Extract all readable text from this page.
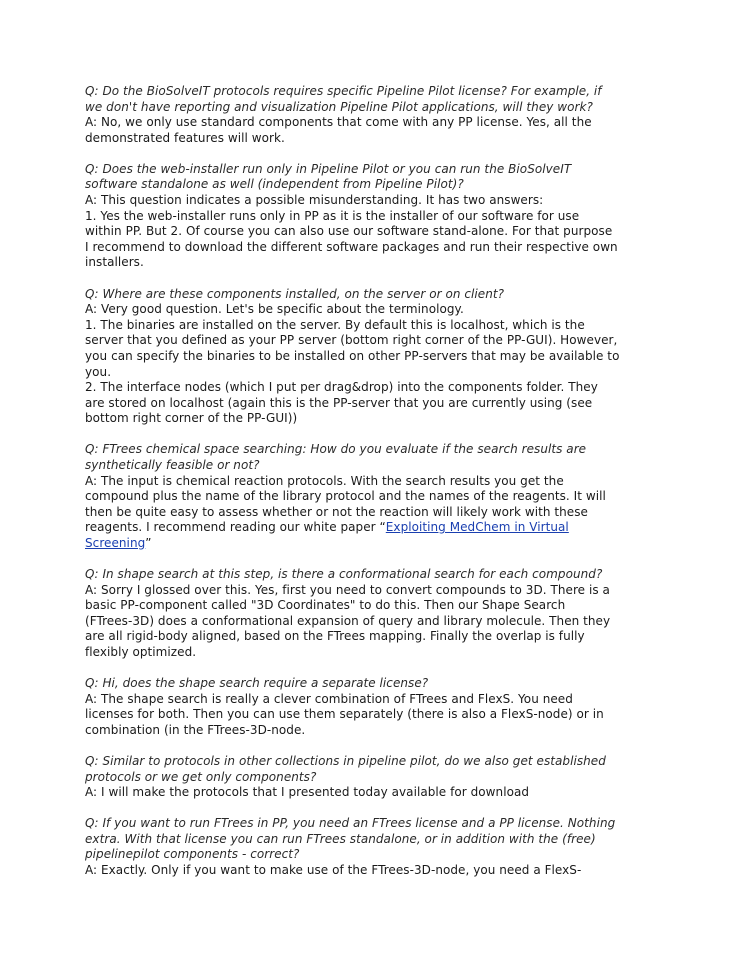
Q: Do the BioSolveIT protocols requires specific Pipeline Pilot license? For example, if
we don't have reporting and visualization Pipeline Pilot applications, will they work?
A: No, we only use standard components that come with any PP license. Yes, all the
demonstrated features will work.
Q: Does the web-installer run only in Pipeline Pilot or you can run the BioSolveIT
software standalone as well (independent from Pipeline Pilot)?
A: This question indicates a possible misunderstanding. It has two answers:
1. Yes the web-installer runs only in PP as it is the installer of our software for use
within PP. But 2. Of course you can also use our software stand-alone. For that purpose
I recommend to download the different software packages and run their respective own
installers.
Q: Where are these components installed, on the server or on client?
A: Very good question. Let's be specific about the terminology.
1. The binaries are installed on the server. By default this is localhost, which is the
server that you defined as your PP server (bottom right corner of the PP-GUI). However,
you can specify the binaries to be installed on other PP-servers that may be available to
you.
2. The interface nodes (which I put per drag&drop) into the components folder. They
are stored on localhost (again this is the PP-server that you are currently using (see
bottom right corner of the PP-GUI))
Q: FTrees chemical space searching: How do you evaluate if the search results are
synthetically feasible or not?
A: The input is chemical reaction protocols. With the search results you get the
compound plus the name of the library protocol and the names of the reagents. It will
then be quite easy to assess whether or not the reaction will likely work with these
reagents. I recommend reading our white paper “Exploiting MedChem in Virtual
Screening”
Q: In shape search at this step, is there a conformational search for each compound?
A: Sorry I glossed over this. Yes, first you need to convert compounds to 3D. There is a
basic PP-component called "3D Coordinates" to do this. Then our Shape Search
(FTrees-3D) does a conformational expansion of query and library molecule. Then they
are all rigid-body aligned, based on the FTrees mapping. Finally the overlap is fully
flexibly optimized.
Q: Hi, does the shape search require a separate license?
A: The shape search is really a clever combination of FTrees and FlexS. You need
licenses for both. Then you can use them separately (there is also a FlexS-node) or in
combination (in the FTrees-3D-node.
Q: Similar to protocols in other collections in pipeline pilot, do we also get established
protocols or we get only components?
A: I will make the protocols that I presented today available for download
Q: If you want to run FTrees in PP, you need an FTrees license and a PP license. Nothing
extra. With that license you can run FTrees standalone, or in addition with the (free)
pipelinepilot components - correct?
A: Exactly. Only if you want to make use of the FTrees-3D-node, you need a FlexS-
